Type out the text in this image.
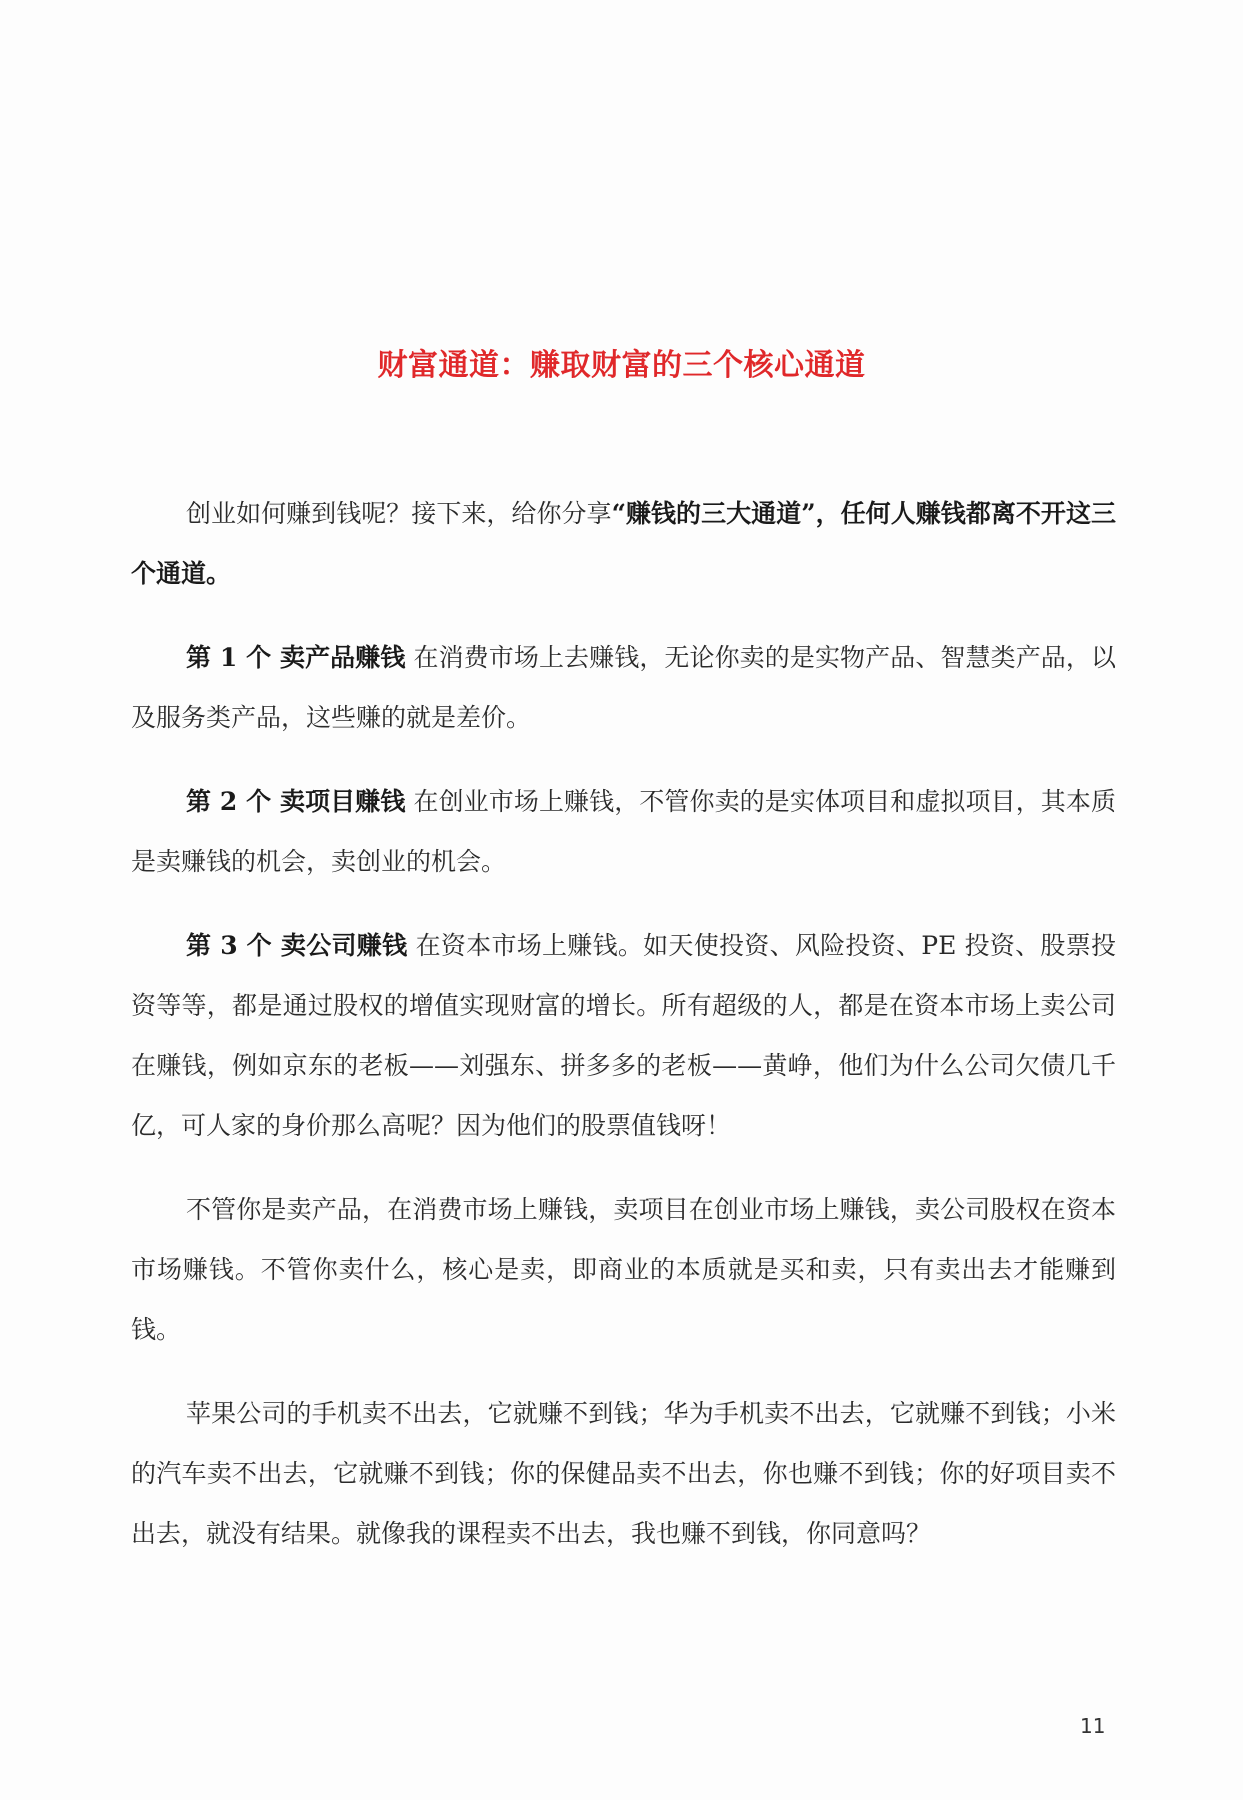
财富通道：赚取财富的三个核心通道

创业如何赚到钱呢？接下来，给你分享“赚钱的三大通道”，任何人赚钱都离不开这三个通道。

第 1 个 卖产品赚钱 在消费市场上去赚钱，无论你卖的是实物产品、智慧类产品，以及服务类产品，这些赚的就是差价。

第 2 个 卖项目赚钱 在创业市场上赚钱，不管你卖的是实体项目和虚拟项目，其本质是卖赚钱的机会，卖创业的机会。

第 3 个 卖公司赚钱 在资本市场上赚钱。如天使投资、风险投资、PE 投资、股票投资等等，都是通过股权的增值实现财富的增长。所有超级的人，都是在资本市场上卖公司在赚钱，例如京东的老板——刘强东、拼多多的老板——黄峥，他们为什么公司欠债几千亿，可人家的身价那么高呢？因为他们的股票值钱呀！

不管你是卖产品，在消费市场上赚钱，卖项目在创业市场上赚钱，卖公司股权在资本市场赚钱。不管你卖什么，核心是卖，即商业的本质就是买和卖，只有卖出去才能赚到钱。

苹果公司的手机卖不出去，它就赚不到钱；华为手机卖不出去，它就赚不到钱；小米的汽车卖不出去，它就赚不到钱；你的保健品卖不出去，你也赚不到钱；你的好项目卖不出去，就没有结果。就像我的课程卖不出去，我也赚不到钱，你同意吗？

11
